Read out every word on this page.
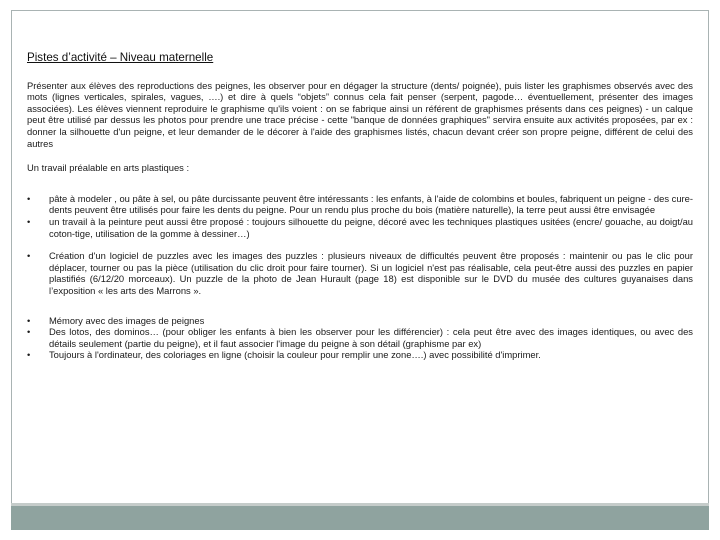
Pistes d’activité – Niveau maternelle

Présenter aux élèves des reproductions des peignes, les observer pour en dégager la structure (dents/ poignée), puis lister les graphismes observés avec des mots (lignes verticales, spirales, vagues, ….) et dire à quels “objets” connus cela fait penser (serpent, pagode… éventuellement, présenter des images associées). Les élèves viennent reproduire le graphisme qu'ils voient : on se fabrique ainsi un référent de graphismes présents dans ces peignes) - un calque peut être utilisé par dessus les photos pour prendre une trace précise - cette "banque de données graphiques" servira ensuite aux activités proposées, par ex : donner la silhouette d'un peigne, et leur demander de le décorer à l'aide des graphismes listés, chacun devant créer son propre peigne, différent de celui des autres

Un travail préalable en arts plastiques :

• pâte à modeler , ou pâte à sel, ou pâte durcissante peuvent être intéressants : les enfants, à l'aide de colombins et boules, fabriquent un peigne - des cure-dents peuvent être utilisés pour faire les dents du peigne. Pour un rendu plus proche du bois (matière naturelle), la terre peut aussi être envisagée
• un travail à la peinture peut aussi être proposé : toujours silhouette du peigne, décoré avec les techniques plastiques usitées (encre/ gouache, au doigt/au coton-tige, utilisation de la gomme à dessiner…)
• Création d'un logiciel de puzzles avec les images des puzzles : plusieurs niveaux de difficultés peuvent être proposés : maintenir ou pas le clic pour déplacer, tourner ou pas la pièce (utilisation du clic droit pour faire tourner). Si un logiciel n'est pas réalisable, cela peut-être aussi des puzzles en papier plastifiés (6/12/20 morceaux). Un puzzle de la photo de Jean Hurault (page 18) est disponible sur le DVD du musée des cultures guyanaises dans l’exposition « les arts des Marrons ».
• Mémory avec des images de peignes
• Des lotos, des dominos… (pour obliger les enfants à bien les observer pour les différencier) : cela peut être avec des images identiques, ou avec des détails seulement (partie du peigne), et il faut associer l'image du peigne à son détail (graphisme par ex)
• Toujours à l'ordinateur, des coloriages en ligne (choisir la couleur pour remplir une zone….) avec possibilité d'imprimer.
